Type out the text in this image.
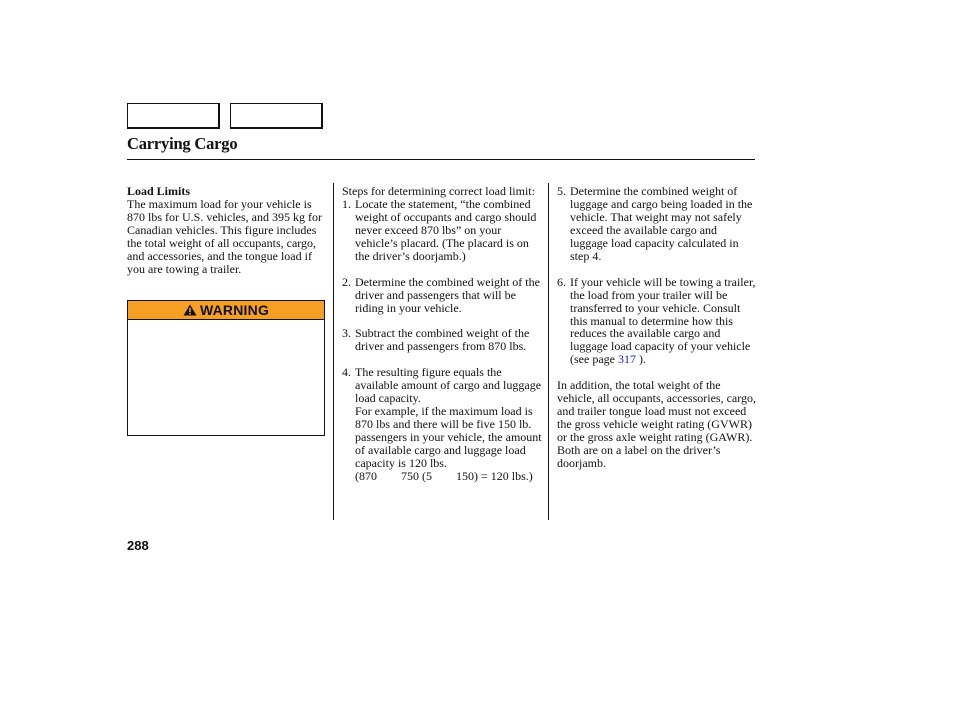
Carrying Cargo
Load Limits

The maximum load for your vehicle is 870 lbs for U.S. vehicles, and 395 kg for Canadian vehicles. This figure includes the total weight of all occupants, cargo, and accessories, and the tongue load if you are towing a trailer.

WARNING

Steps for determining correct load limit:

1. Locate the statement, “the combined weight of occupants and cargo should never exceed 870 lbs” on your vehicle’s placard. (The placard is on the driver’s doorjamb.)
2. Determine the combined weight of the driver and passengers that will be riding in your vehicle.
3. Subtract the combined weight of the driver and passengers from 870 lbs.
4. The resulting figure equals the available amount of cargo and luggage load capacity.
For example, if the maximum load is 870 lbs and there will be five 150 lb. passengers in your vehicle, the amount of available cargo and luggage load capacity is 120 lbs.
(870  750 (5  150) = 120 lbs.)
5. Determine the combined weight of luggage and cargo being loaded in the vehicle. That weight may not safely exceed the available cargo and luggage load capacity calculated in step 4.
6. If your vehicle will be towing a trailer, the load from your trailer will be transferred to your vehicle. Consult this manual to determine how this reduces the available cargo and luggage load capacity of your vehicle (see page 317 ).

In addition, the total weight of the vehicle, all occupants, accessories, cargo, and trailer tongue load must not exceed the gross vehicle weight rating (GVWR) or the gross axle weight rating (GAWR). Both are on a label on the driver’s doorjamb.

288
